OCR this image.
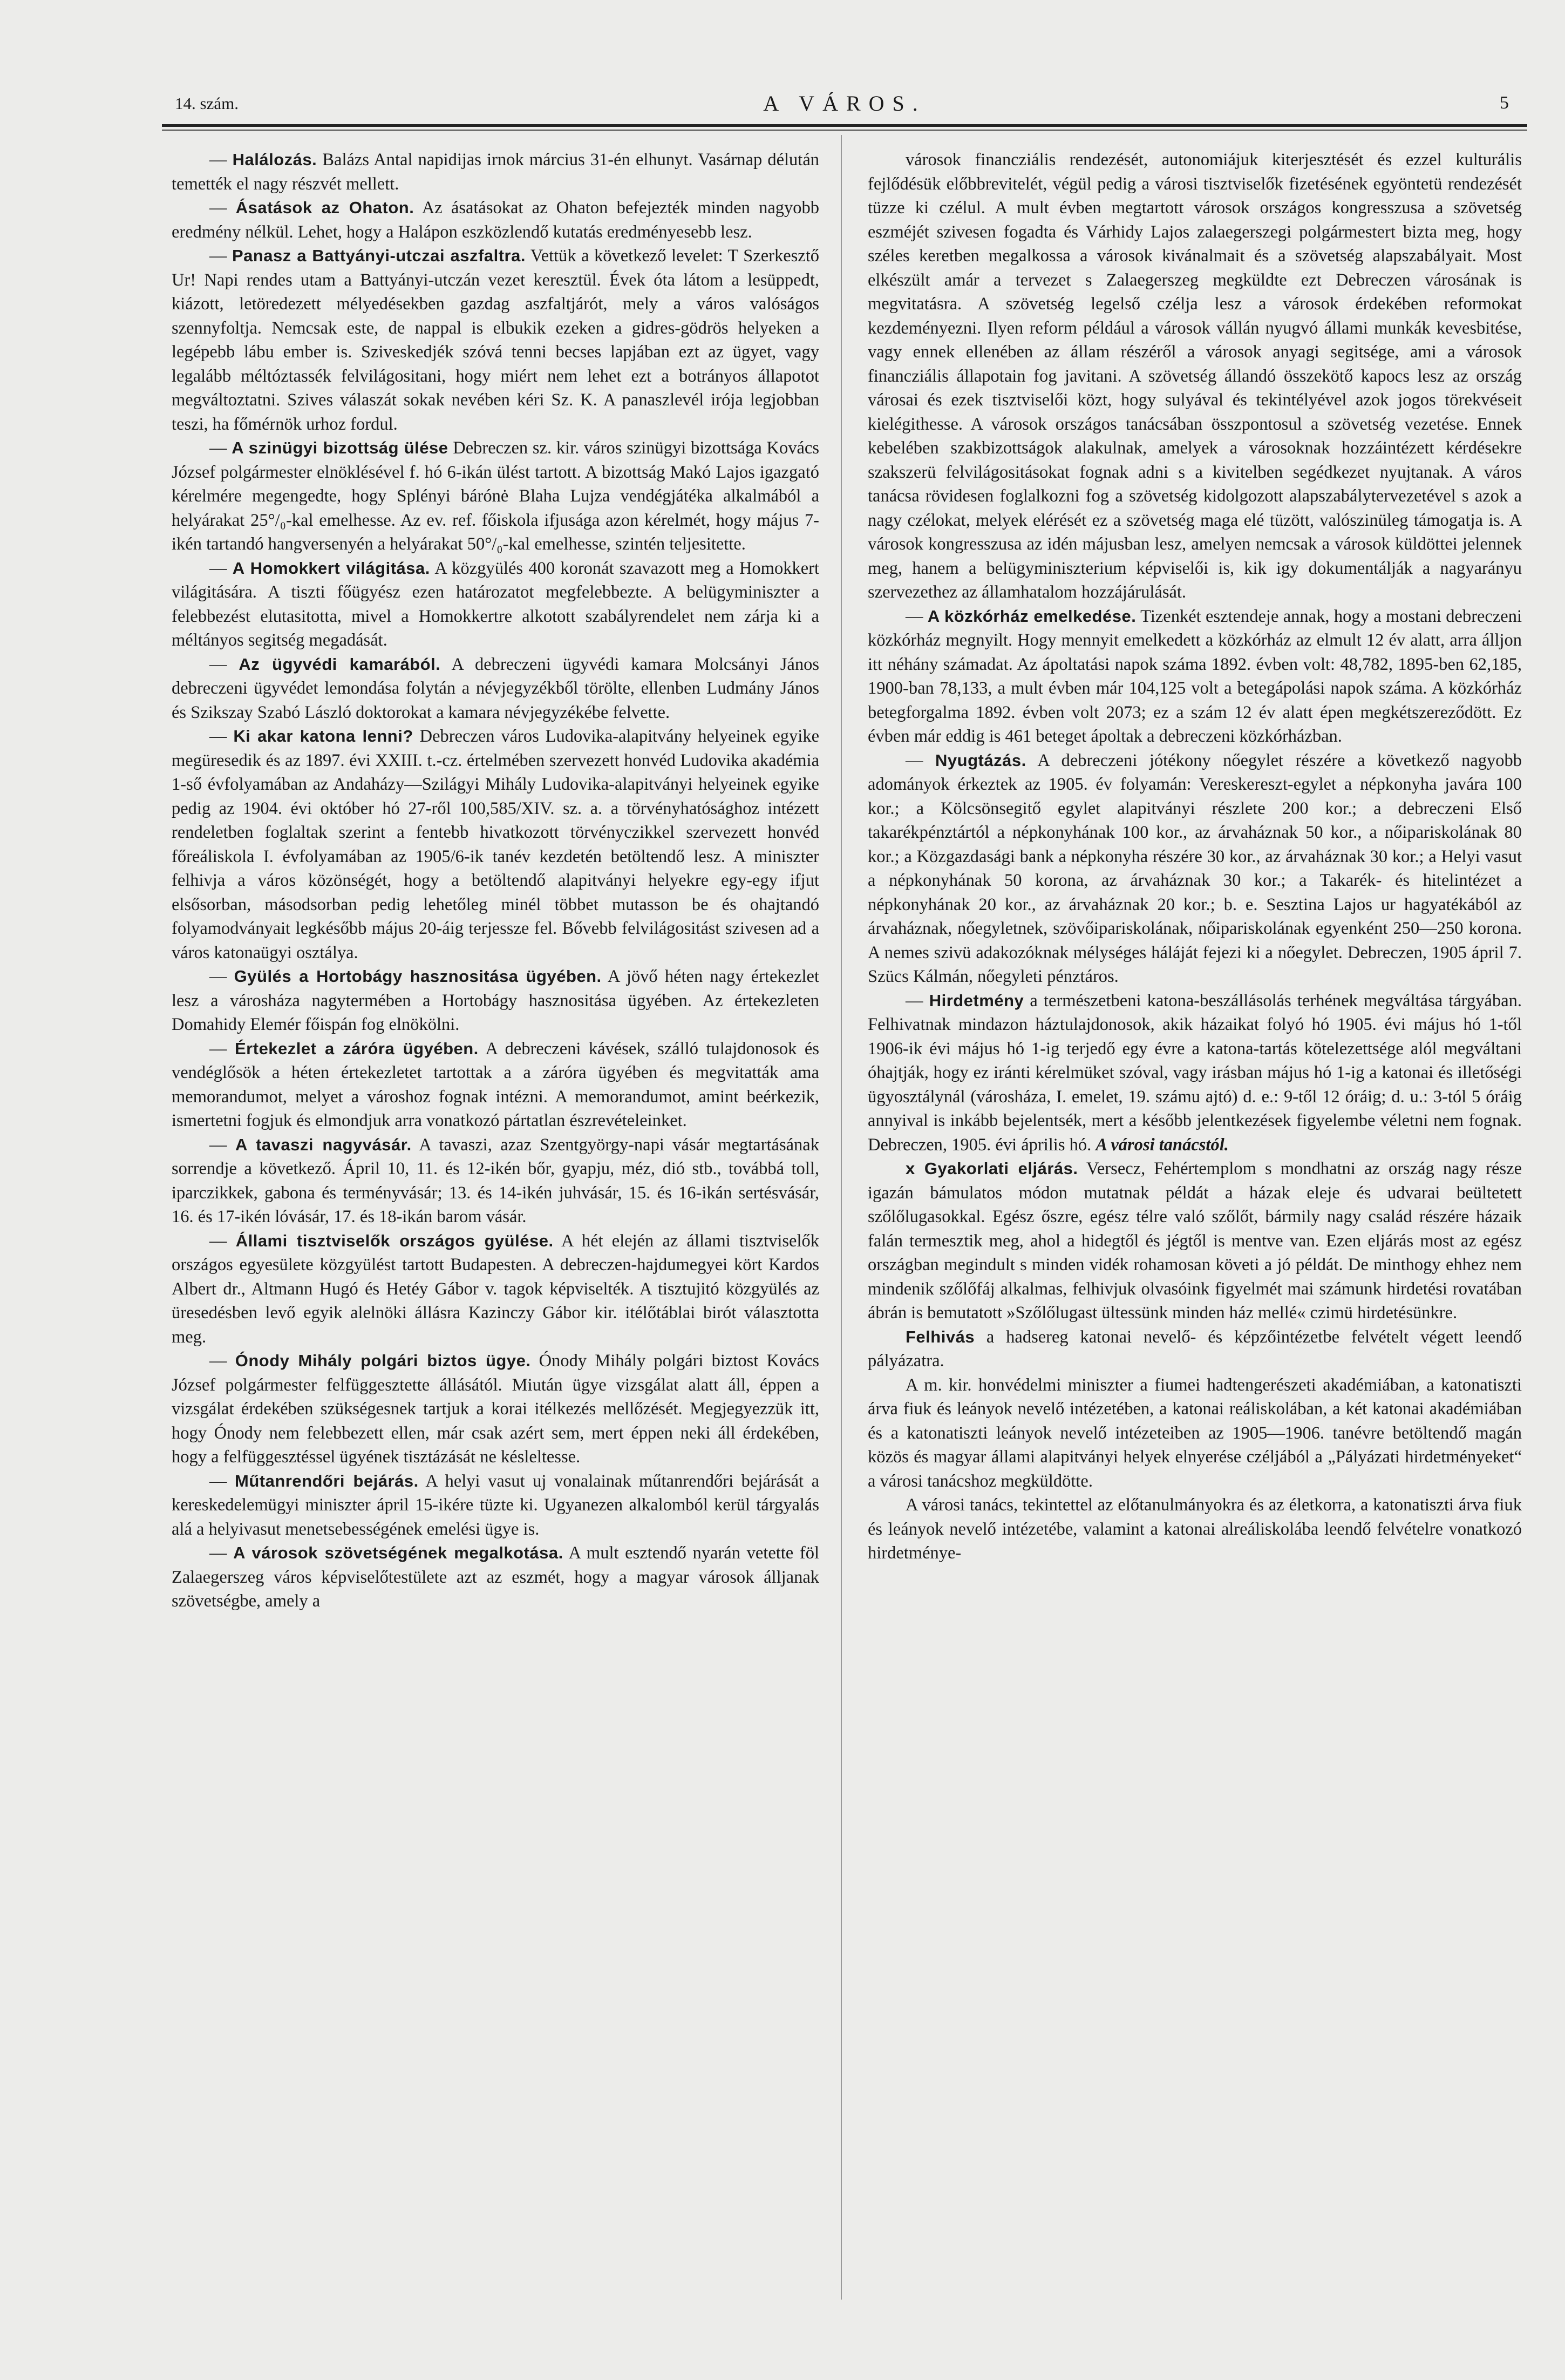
14. szám.	A VÁROS.	5

— Halálozás. Balázs Antal napidijas irnok március 31-én elhunyt. Vasárnap délután temették el nagy részvét mellett.

— Ásatások az Ohaton. Az ásatásokat az Ohaton befejezték minden nagyobb eredmény nélkül. Lehet, hogy a Halápon eszközlendő kutatás eredményesebb lesz.

— Panasz a Battyányi-utczai aszfaltra. Vettük a következő levelet: T Szerkesztő Ur! Napi rendes utam a Battyányi-utczán vezet keresztül. Évek óta látom a lesüppedt, kiázott, letöredezett mélyedésekben gazdag aszfaltjárót, mely a város valóságos szennyfoltja. Nemcsak este, de nappal is elbukik ezeken a gidres-gödrös helyeken a legépebb lábu ember is. Sziveskedjék szóvá tenni becses lapjában ezt az ügyet, vagy legalább méltóztassék felvilágositani, hogy miért nem lehet ezt a botrányos állapotot megváltoztatni. Szives válaszát sokak nevében kéri Sz. K. A panaszlevél irója legjobban teszi, ha főmérnök urhoz fordul.

— A szinügyi bizottság ülése Debreczen sz. kir. város szinügyi bizottsága Kovács József polgármester elnöklésével f. hó 6-ikán ülést tartott. A bizottság Makó Lajos igazgató kérelmére megengedte, hogy Splényi bárónė Blaha Lujza vendégjátéka alkalmából a helyárakat 25°/₀-kal emelhesse. Az ev. ref. főiskola ifjusága azon kérelmét, hogy május 7-ikén tartandó hangversenyén a helyárakat 50°/₀-kal emelhesse, szintén teljesitette.

— A Homokkert világitása. A közgyülés 400 koronát szavazott meg a Homokkert világitására. A tiszti főügyész ezen határozatot megfelebbezte. A belügyminiszter a felebbezést elutasitotta, mivel a Homokkertre alkotott szabályrendelet nem zárja ki a méltányos segitség megadását.

— Az ügyvédi kamarából. A debreczeni ügyvédi kamara Molcsányi János debreczeni ügyvédet lemondása folytán a névjegyzékből törölte, ellenben Ludmány János és Szikszay Szabó László doktorokat a kamara névjegyzékébe felvette.

— Ki akar katona lenni? Debreczen város Ludovika-alapitvány helyeinek egyike megüresedik és az 1897. évi XXIII. t.-cz. értelmében szervezett honvéd Ludovika akadémia 1-ső évfolyamában az Andaházy—Szilágyi Mihály Ludovika-alapitványi helyeinek egyike pedig az 1904. évi október hó 27-ről 100,585/XIV. sz. a. a törvényhatósághoz intézett rendeletben foglaltak szerint a fentebb hivatkozott törvényczikkel szervezett honvéd főreáliskola I. évfolyamában az 1905/6-ik tanév kezdetén betöltendő lesz. A miniszter felhivja a város közönségét, hogy a betöltendő alapitványi helyekre egy-egy ifjut elsősorban, másodsorban pedig lehetőleg minél többet mutasson be és ohajtandó folyamodványait legkésőbb május 20-áig terjessze fel. Bővebb felvilágositást szivesen ad a város katonaügyi osztálya.

— Gyülés a Hortobágy hasznositása ügyében. A jövő héten nagy értekezlet lesz a városháza nagytermében a Hortobágy hasznositása ügyében. Az értekezleten Domahidy Elemér főispán fog elnökölni.

— Értekezlet a záróra ügyében. A debreczeni kávések, szálló tulajdonosok és vendéglősök a héten értekezletet tartottak a a záróra ügyében és megvitatták ama memorandumot, melyet a városhoz fognak intézni. A memorandumot, amint beérkezik, ismertetni fogjuk és elmondjuk arra vonatkozó pártatlan észrevételeinket.

— A tavaszi nagyvásár. A tavaszi, azaz Szentgyörgy-napi vásár megtartásának sorrendje a következő. Ápril 10, 11. és 12-ikén bőr, gyapju, méz, dió stb., továbbá toll, iparczikkek, gabona és terményvásár; 13. és 14-ikén juhvásár, 15. és 16-ikán sertésvásár, 16. és 17-ikén lóvásár, 17. és 18-ikán barom vásár.

— Állami tisztviselők országos gyülése. A hét elején az állami tisztviselők országos egyesülete közgyülést tartott Budapesten. A debreczen-hajdumegyei kört Kardos Albert dr., Altmann Hugó és Hetéy Gábor v. tagok képviselték. A tisztujitó közgyülés az üresedésben levő egyik alelnöki állásra Kazinczy Gábor kir. itélőtáblai birót választotta meg.

— Ónody Mihály polgári biztos ügye. Ónody Mihály polgári biztost Kovács József polgármester felfüggesztette állásától. Miután ügye vizsgálat alatt áll, éppen a vizsgálat érdekében szükségesnek tartjuk a korai itélkezés mellőzését. Megjegyezzük itt, hogy Ónody nem felebbezett ellen, már csak azért sem, mert éppen neki áll érdekében, hogy a felfüggesztéssel ügyének tisztázását ne késleltesse.

— Műtanrendőri bejárás. A helyi vasut uj vonalainak műtanrendőri bejárását a kereskedelemügyi miniszter ápril 15-ikére tüzte ki. Ugyanezen alkalomból kerül tárgyalás alá a helyivasut menetsebességének emelési ügye is.

— A városok szövetségének megalkotása. A mult esztendő nyarán vetette föl Zalaegerszeg város képviselőtestülete azt az eszmét, hogy a magyar városok álljanak szövetségbe, amely a

városok financziális rendezését, autonomiájuk kiterjesztését és ezzel kulturális fejlődésük előbbrevitelét, végül pedig a városi tisztviselők fizetésének egyöntetü rendezését tüzze ki czélul. A mult évben megtartott városok országos kongresszusa a szövetség eszméjét szivesen fogadta és Várhidy Lajos zalaegerszegi polgármestert bizta meg, hogy széles keretben megalkossa a városok kivánalmait és a szövetség alapszabályait. Most elkészült amár a tervezet s Zalaegerszeg megküldte ezt Debreczen városának is megvitatásra. A szövetség legelső czélja lesz a városok érdekében reformokat kezdeményezni. Ilyen reform például a városok vállán nyugvó állami munkák kevesbitése, vagy ennek ellenében az állam részéről a városok anyagi segitsége, ami a városok financziális állapotain fog javitani. A szövetség állandó összekötő kapocs lesz az ország városai és ezek tisztviselői közt, hogy sulyával és tekintélyével azok jogos törekvéseit kielégithesse. A városok országos tanácsában összpontosul a szövetség vezetése. Ennek kebelében szakbizottságok alakulnak, amelyek a városoknak hozzáintézett kérdésekre szakszerü felvilágositásokat fognak adni s a kivitelben segédkezet nyujtanak. A város tanácsa rövidesen foglalkozni fog a szövetség kidolgozott alapszabálytervezetével s azok a nagy czélokat, melyek elérését ez a szövetség maga elé tüzött, valószinüleg támogatja is. A városok kongresszusa az idén májusban lesz, amelyen nemcsak a városok küldöttei jelennek meg, hanem a belügyminiszterium képviselői is, kik igy dokumentálják a nagyarányu szervezethez az államhatalom hozzájárulását.

— A közkórház emelkedése. Tizenkét esztendeje annak, hogy a mostani debreczeni közkórház megnyilt. Hogy mennyit emelkedett a közkórház az elmult 12 év alatt, arra álljon itt néhány számadat. Az ápoltatási napok száma 1892. évben volt: 48,782, 1895-ben 62,185, 1900-ban 78,133, a mult évben már 104,125 volt a betegápolási napok száma. A közkórház betegforgalma 1892. évben volt 2073; ez a szám 12 év alatt épen megkétszereződött. Ez évben már eddig is 461 beteget ápoltak a debreczeni közkórházban.

— Nyugtázás. A debreczeni jótékony nőegylet részére a következő nagyobb adományok érkeztek az 1905. év folyamán: Vereskereszt-egylet a népkonyha javára 100 kor.; a Kölcsönsegitő egylet alapitványi részlete 200 kor.; a debreczeni Első takarékpénztártól a népkonyhának 100 kor., az árvaháznak 50 kor., a nőipariskolának 80 kor.; a Közgazdasági bank a népkonyha részére 30 kor., az árvaháznak 30 kor.; a Helyi vasut a népkonyhának 50 korona, az árvaháznak 30 kor.; a Takarék- és hitelintézet a népkonyhának 20 kor., az árvaháznak 20 kor.; b. e. Sesztina Lajos ur hagyatékából az árvaháznak, nőegyletnek, szövőipariskolának, nőipariskolának egyenként 250—250 korona. A nemes szivü adakozóknak mélységes háláját fejezi ki a nőegylet. Debreczen, 1905 ápril 7. Szücs Kálmán, nőegyleti pénztáros.

— Hirdetmény a természetbeni katona-beszállásolás terhének megváltása tárgyában. Felhivatnak mindazon háztulajdonosok, akik házaikat folyó hó 1905. évi május hó 1-től 1906-ik évi május hó 1-ig terjedő egy évre a katona-tartás kötelezettsége alól megváltani óhajtják, hogy ez iránti kérelmüket szóval, vagy irásban május hó 1-ig a katonai és illetőségi ügyosztálynál (városháza, I. emelet, 19. számu ajtó) d. e.: 9-től 12 óráig; d. u.: 3-tól 5 óráig annyival is inkább bejelentsék, mert a később jelentkezések figyelembe véletni nem fognak. Debreczen, 1905. évi április hó. A városi tanácstól.

x Gyakorlati eljárás. Versecz, Fehértemplom s mondhatni az ország nagy része igazán bámulatos módon mutatnak példát a házak eleje és udvarai beültetett szőlőlugasokkal. Egész őszre, egész télre való szőlőt, bármily nagy család részére házaik falán termesztik meg, ahol a hidegtől és jégtől is mentve van. Ezen eljárás most az egész országban megindult s minden vidék rohamosan követi a jó példát. De minthogy ehhez nem mindenik szőlőfáj alkalmas, felhivjuk olvasóink figyelmét mai számunk hirdetési rovatában ábrán is bemutatott »Szőlőlugast ültessünk minden ház mellé« czimü hirdetésünkre.

Felhivás a hadsereg katonai nevelő- és képzőintézetbe felvételt végett leendő pályázatra.

A m. kir. honvédelmi miniszter a fiumei hadtengerészeti akadémiában, a katonatiszti árva fiuk és leányok nevelő intézetében, a katonai reáliskolában, a két katonai akadémiában és a katonatiszti leányok nevelő intézeteiben az 1905—1906. tanévre betöltendő magán közös és magyar állami alapitványi helyek elnyerése czéljából a „Pályázati hirdetményeket“ a városi tanácshoz megküldötte.

A városi tanács, tekintettel az előtanulmányokra és az életkorra, a katonatiszti árva fiuk és leányok nevelő intézetébe, valamint a katonai alreáliskolába leendő felvételre vonatkozó hirdetménye-
